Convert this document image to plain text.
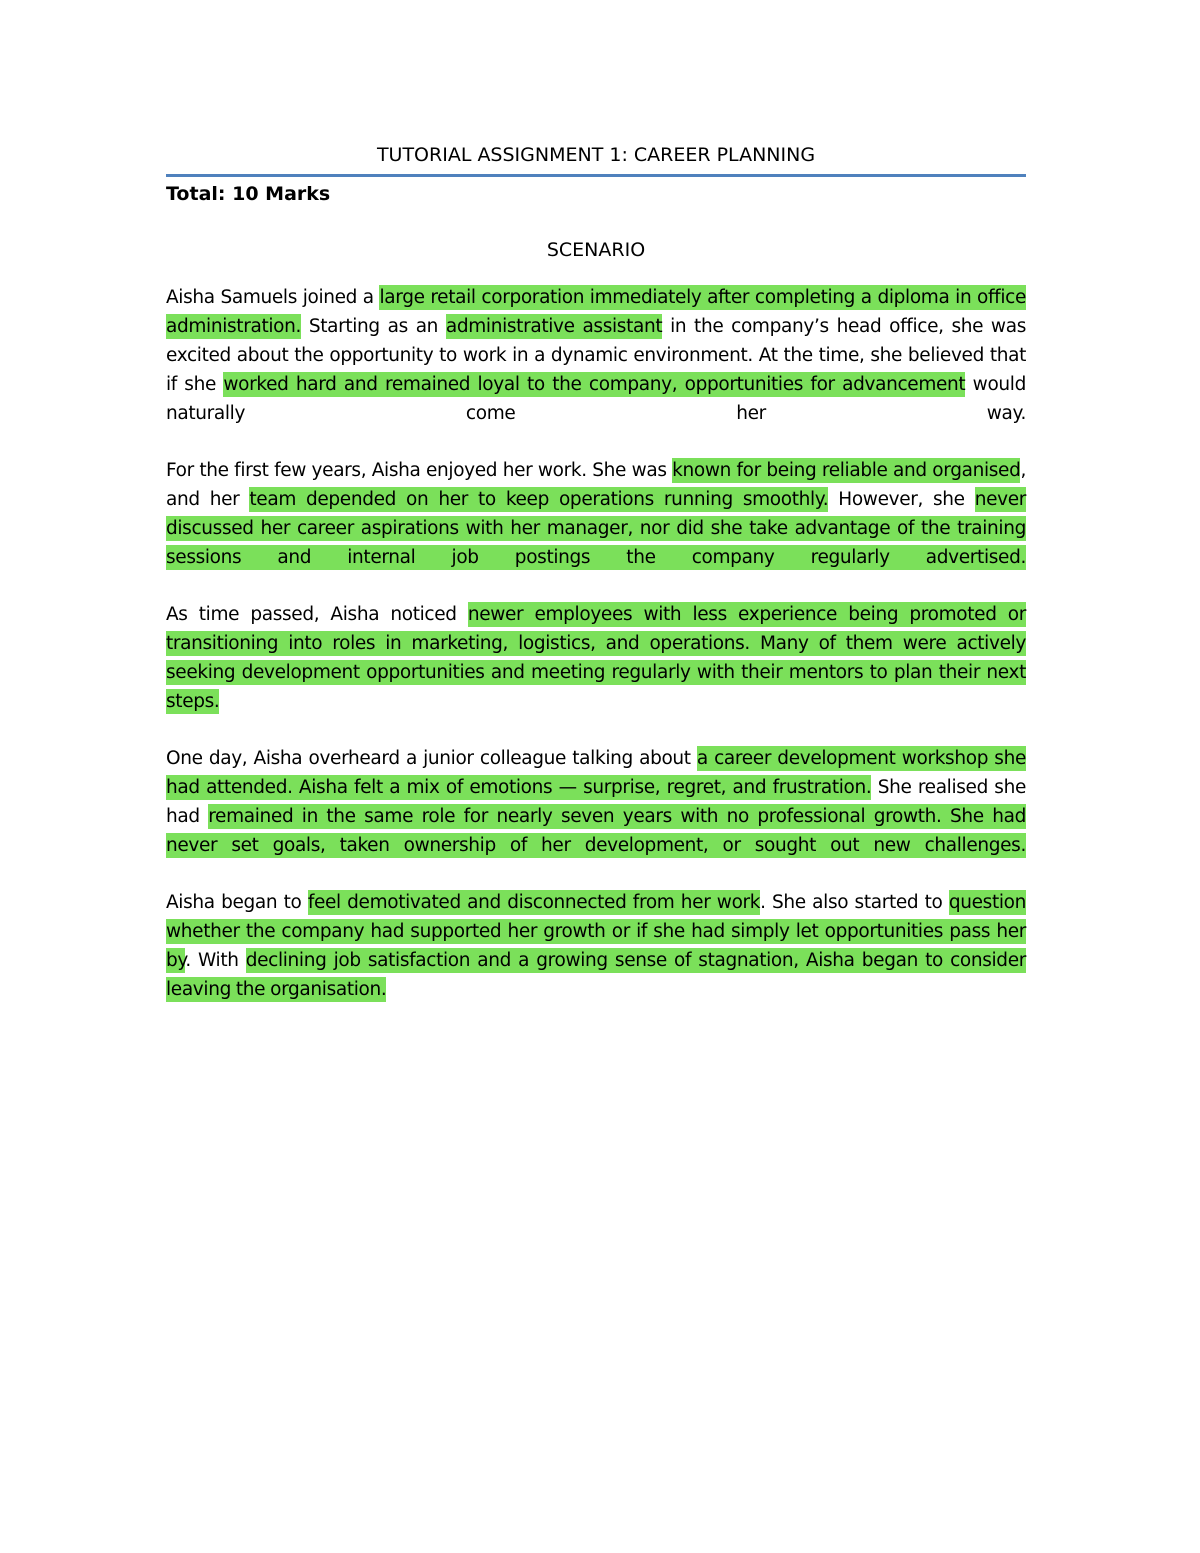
TUTORIAL ASSIGNMENT 1: CAREER PLANNING

Total: 10 Marks

SCENARIO

Aisha Samuels joined a large retail corporation immediately after completing a diploma in office administration. Starting as an administrative assistant in the company’s head office, she was excited about the opportunity to work in a dynamic environment. At the time, she believed that if she worked hard and remained loyal to the company, opportunities for advancement would naturally come her way.

For the first few years, Aisha enjoyed her work. She was known for being reliable and organised, and her team depended on her to keep operations running smoothly. However, she never discussed her career aspirations with her manager, nor did she take advantage of the training sessions and internal job postings the company regularly advertised.

As time passed, Aisha noticed newer employees with less experience being promoted or transitioning into roles in marketing, logistics, and operations. Many of them were actively seeking development opportunities and meeting regularly with their mentors to plan their next steps.

One day, Aisha overheard a junior colleague talking about a career development workshop she had attended. Aisha felt a mix of emotions — surprise, regret, and frustration. She realised she had remained in the same role for nearly seven years with no professional growth. She had never set goals, taken ownership of her development, or sought out new challenges.

Aisha began to feel demotivated and disconnected from her work. She also started to question whether the company had supported her growth or if she had simply let opportunities pass her by. With declining job satisfaction and a growing sense of stagnation, Aisha began to consider leaving the organisation.
